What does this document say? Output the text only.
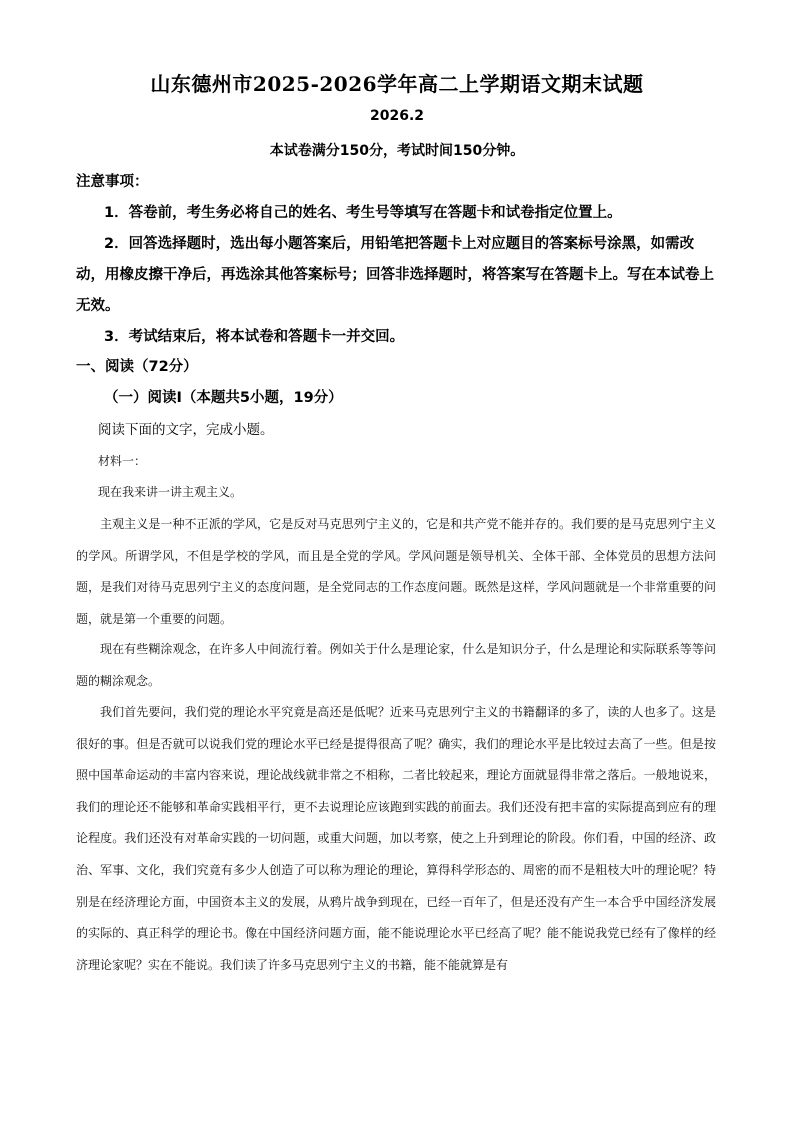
山东德州市2025-2026学年高二上学期语文期末试题
2026.2
本试卷满分150分，考试时间150分钟。
注意事项：
1．答卷前，考生务必将自己的姓名、考生号等填写在答题卡和试卷指定位置上。
2．回答选择题时，选出每小题答案后，用铅笔把答题卡上对应题目的答案标号涂黑，如需改动，用橡皮擦干净后，再选涂其他答案标号；回答非选择题时，将答案写在答题卡上。写在本试卷上无效。
3．考试结束后，将本试卷和答题卡一并交回。
一、阅读（72分）
（一）阅读Ⅰ（本题共5小题，19分）
阅读下面的文字，完成小题。
材料一：
现在我来讲一讲主观主义。
主观主义是一种不正派的学风，它是反对马克思列宁主义的，它是和共产党不能并存的。我们要的是马克思列宁主义的学风。所谓学风，不但是学校的学风，而且是全党的学风。学风问题是领导机关、全体干部、全体党员的思想方法问题，是我们对待马克思列宁主义的态度问题，是全党同志的工作态度问题。既然是这样，学风问题就是一个非常重要的问题，就是第一个重要的问题。
现在有些糊涂观念，在许多人中间流行着。例如关于什么是理论家，什么是知识分子，什么是理论和实际联系等等问题的糊涂观念。
我们首先要问，我们党的理论水平究竟是高还是低呢？近来马克思列宁主义的书籍翻译的多了，读的人也多了。这是很好的事。但是否就可以说我们党的理论水平已经是提得很高了呢？确实，我们的理论水平是比较过去高了一些。但是按照中国革命运动的丰富内容来说，理论战线就非常之不相称，二者比较起来，理论方面就显得非常之落后。一般地说来，我们的理论还不能够和革命实践相平行，更不去说理论应该跑到实践的前面去。我们还没有把丰富的实际提高到应有的理论程度。我们还没有对革命实践的一切问题，或重大问题，加以考察，使之上升到理论的阶段。你们看，中国的经济、政治、军事、文化，我们究竟有多少人创造了可以称为理论的理论，算得科学形态的、周密的而不是粗枝大叶的理论呢？特别是在经济理论方面，中国资本主义的发展，从鸦片战争到现在，已经一百年了，但是还没有产生一本合乎中国经济发展的实际的、真正科学的理论书。像在中国经济问题方面，能不能说理论水平已经高了呢？能不能说我党已经有了像样的经济理论家呢？实在不能说。我们读了许多马克思列宁主义的书籍，能不能就算是有
